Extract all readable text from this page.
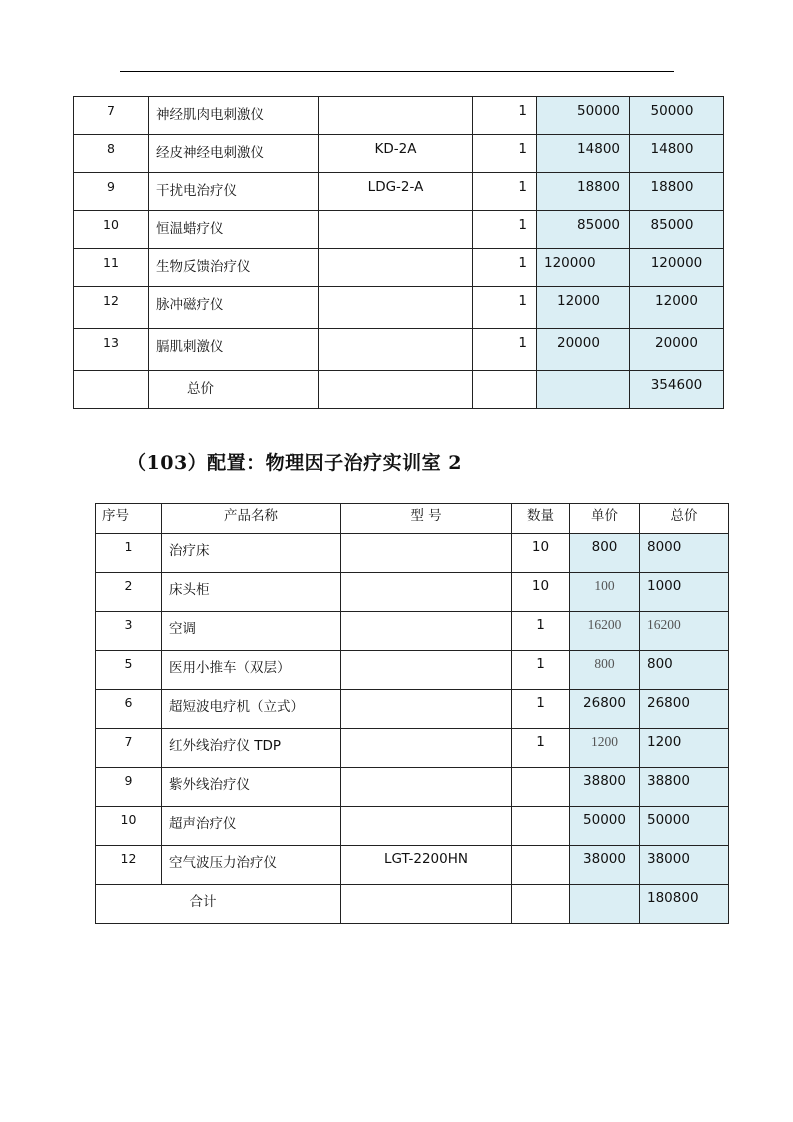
7	神经肌肉电刺激仪		1	50000	50000
8	经皮神经电刺激仪	KD-2A	1	14800	14800
9	干扰电治疗仪	LDG-2-A	1	18800	18800
10	恒温蜡疗仪		1	85000	85000
11	生物反馈治疗仪		1	120000	120000
12	脉冲磁疗仪		1	12000	12000
13	膈肌刺激仪		1	20000	20000
	总价				354600
（103）配置：物理因子治疗实训室 2
序号	产品名称	型 号	数量	单价	总价
1	治疗床		10	800	8000
2	床头柜		10	100	1000
3	空调		1	16200	16200
5	医用小推车（双层）		1	800	800
6	超短波电疗机（立式）		1	26800	26800
7	红外线治疗仪 TDP		1	1200	1200
9	紫外线治疗仪			38800	38800
10	超声治疗仪			50000	50000
12	空气波压力治疗仪	LGT-2200HN		38000	38000
合计					180800
